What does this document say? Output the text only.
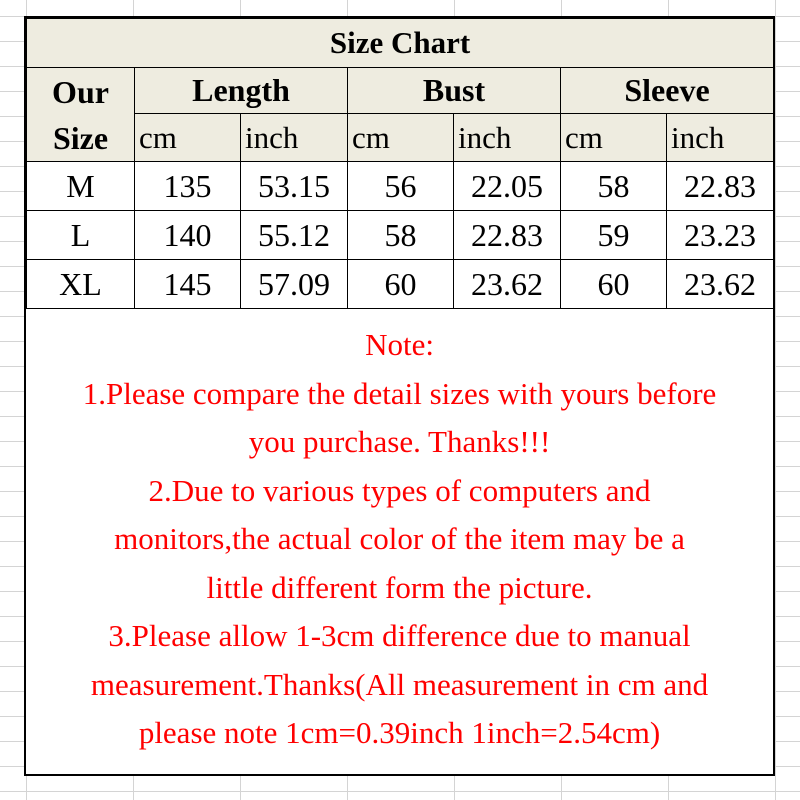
Size Chart						
Our
Size	Length		Bust		Sleeve	
	cm	inch	cm	inch	cm	inch
M	135	53.15	56	22.05	58	22.83
L	140	55.12	58	22.83	59	23.23
XL	145	57.09	60	23.62	60	23.62
Note:
1.Please compare the detail sizes with yours before
you purchase. Thanks!!!
2.Due to various types of computers and
monitors,the actual color of the item may be a
little different form the picture.
3.Please allow 1-3cm difference due to manual
measurement.Thanks(All measurement in cm and
please note 1cm=0.39inch 1inch=2.54cm)
